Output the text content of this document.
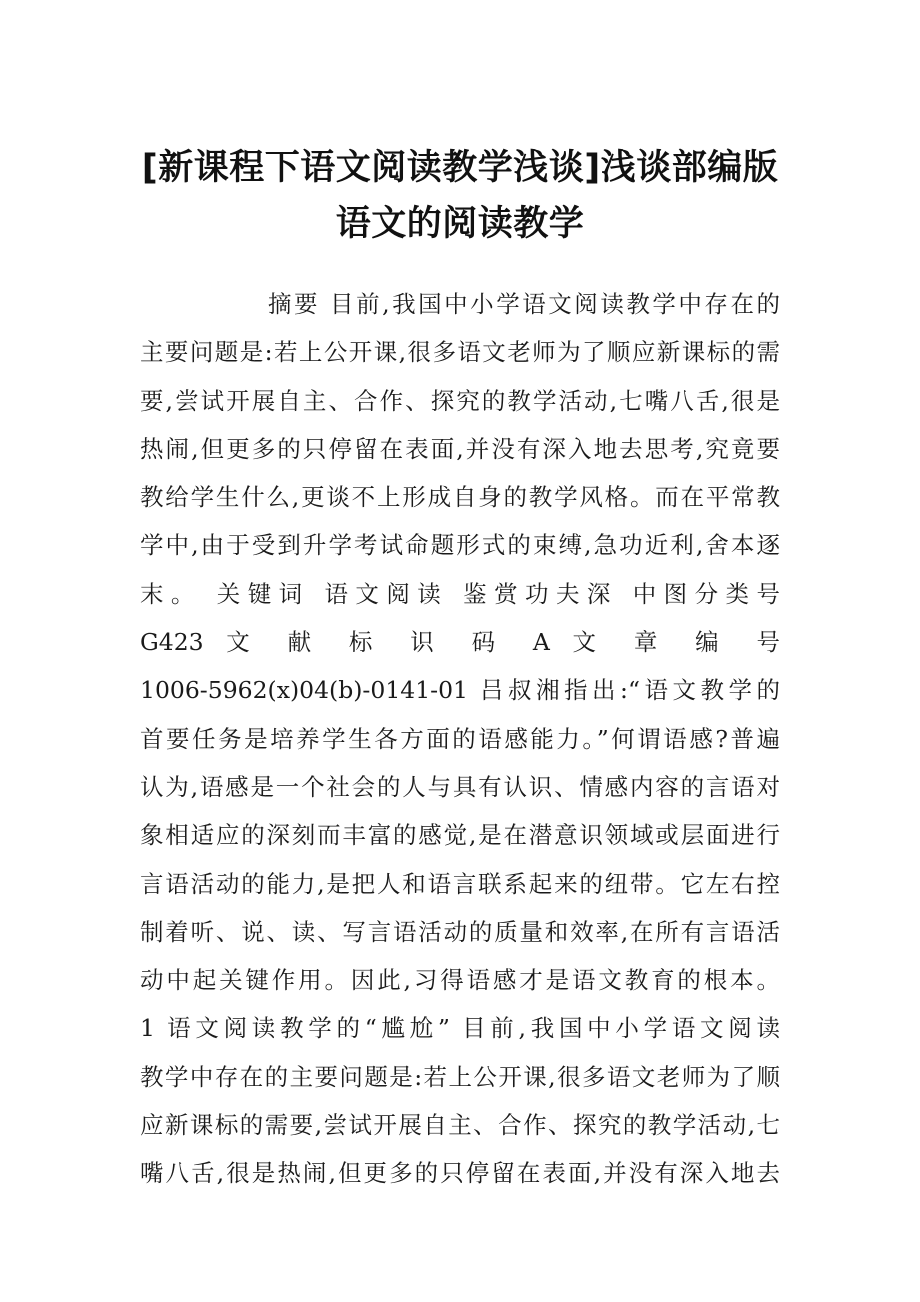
[新课程下语文阅读教学浅谈]浅谈部编版
语文的阅读教学
摘要 目前,我国中小学语文阅读教学中存在的
主要问题是:若上公开课,很多语文老师为了顺应新课标的需
要,尝试开展自主、合作、探究的教学活动,七嘴八舌,很是
热闹,但更多的只停留在表面,并没有深入地去思考,究竟要
教给学生什么,更谈不上形成自身的教学风格。而在平常教
学中,由于受到升学考试命题形式的束缚,急功近利,舍本逐
末。 关键词 语文阅读 鉴赏功夫深 中图分类号
G423 文 献 标 识 码 A 文 章 编 号
1006-5962(x)04(b)-0141-01 吕叔湘指出:“语文教学的
首要任务是培养学生各方面的语感能力。”何谓语感?普遍
认为,语感是一个社会的人与具有认识、情感内容的言语对
象相适应的深刻而丰富的感觉,是在潜意识领域或层面进行
言语活动的能力,是把人和语言联系起来的纽带。它左右控
制着听、说、读、写言语活动的质量和效率,在所有言语活
动中起关键作用。因此,习得语感才是语文教育的根本。
1 语文阅读教学的“尴尬” 目前,我国中小学语文阅读
教学中存在的主要问题是:若上公开课,很多语文老师为了顺
应新课标的需要,尝试开展自主、合作、探究的教学活动,七
嘴八舌,很是热闹,但更多的只停留在表面,并没有深入地去
